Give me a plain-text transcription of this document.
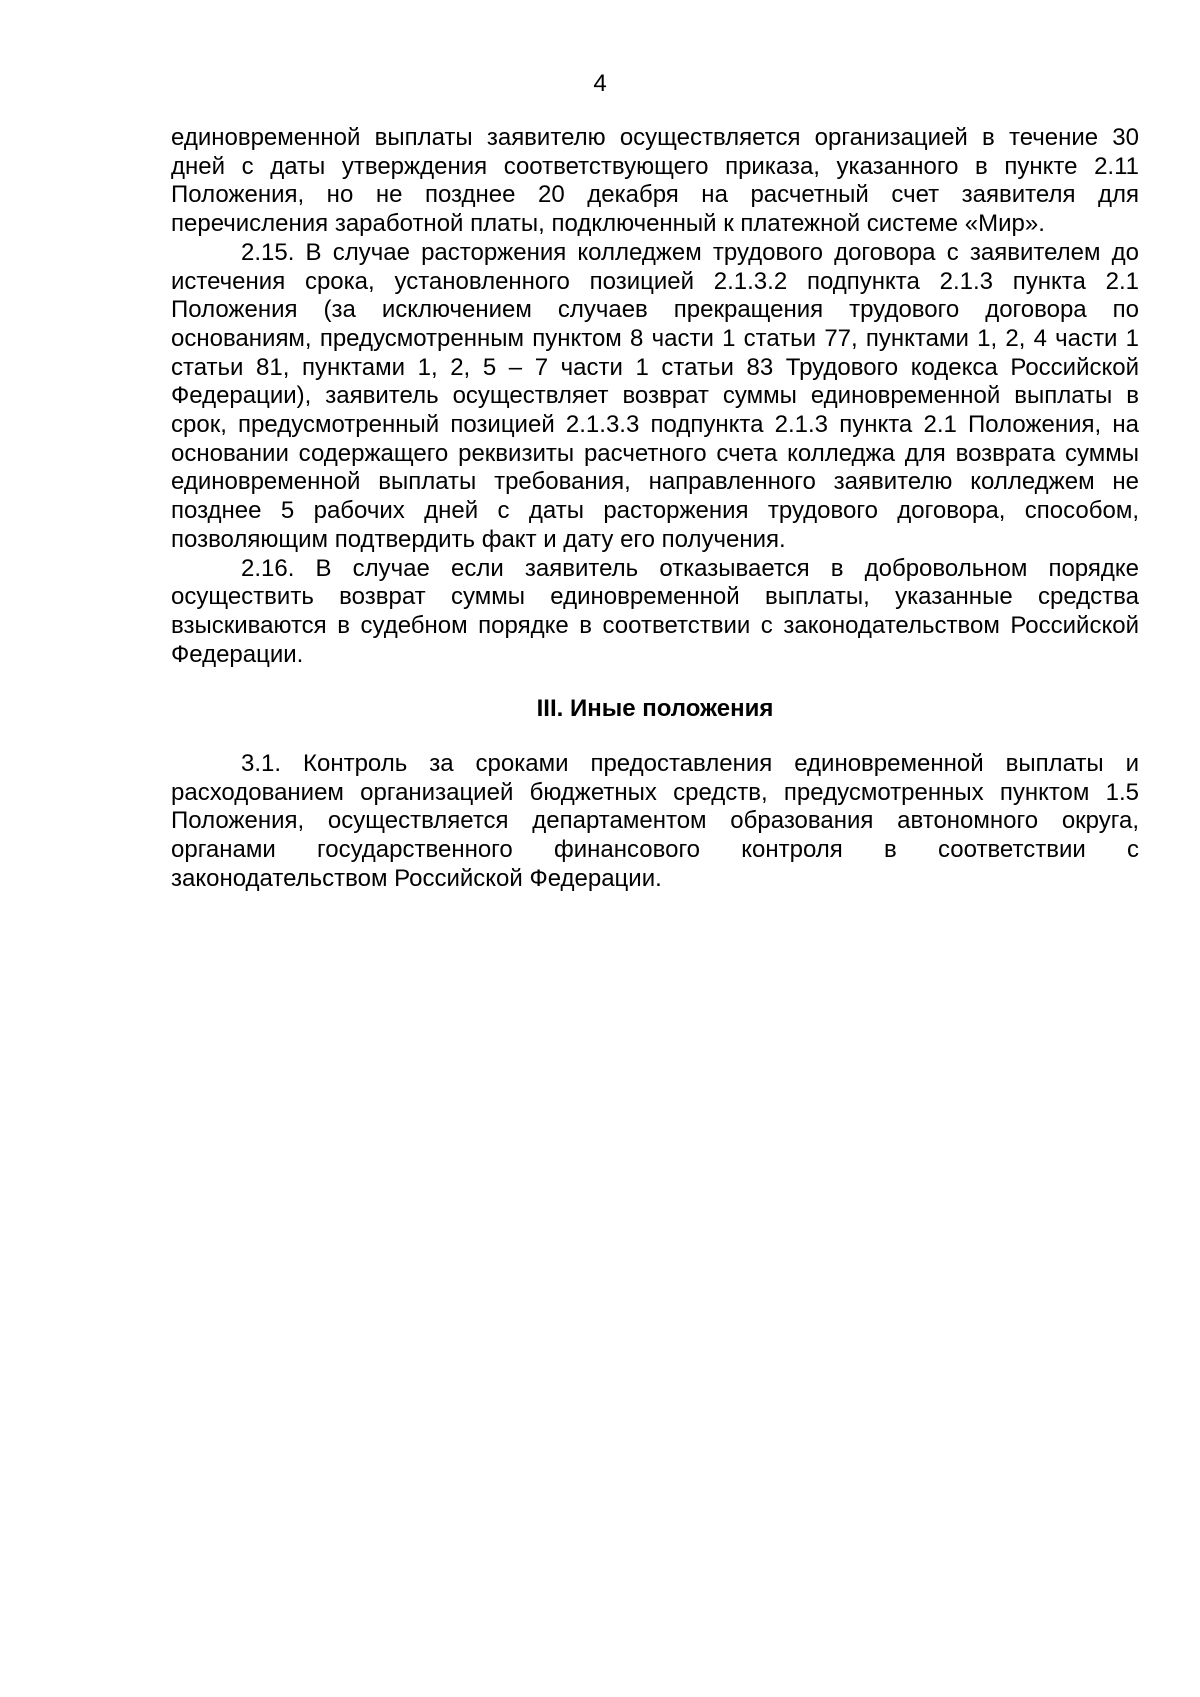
4

единовременной выплаты заявителю осуществляется организацией в течение 30 дней с даты утверждения соответствующего приказа, указанного в пункте 2.11 Положения, но не позднее 20 декабря на расчетный счет заявителя для перечисления заработной платы, подключенный к платежной системе «Мир».

2.15. В случае расторжения колледжем трудового договора с заявителем до истечения срока, установленного позицией 2.1.3.2 подпункта 2.1.3 пункта 2.1 Положения (за исключением случаев прекращения трудового договора по основаниям, предусмотренным пунктом 8 части 1 статьи 77, пунктами 1, 2, 4 части 1 статьи 81, пунктами 1, 2, 5 – 7 части 1 статьи 83 Трудового кодекса Российской Федерации), заявитель осуществляет возврат суммы единовременной выплаты в срок, предусмотренный позицией 2.1.3.3 подпункта 2.1.3 пункта 2.1 Положения, на основании содержащего реквизиты расчетного счета колледжа для возврата суммы единовременной выплаты требования, направленного заявителю колледжем не позднее 5 рабочих дней с даты расторжения трудового договора, способом, позволяющим подтвердить факт и дату его получения.

2.16. В случае если заявитель отказывается в добровольном порядке осуществить возврат суммы единовременной выплаты, указанные средства взыскиваются в судебном порядке в соответствии с законодательством Российской Федерации.

III. Иные положения

3.1. Контроль за сроками предоставления единовременной выплаты и расходованием организацией бюджетных средств, предусмотренных пунктом 1.5 Положения, осуществляется департаментом образования автономного округа, органами государственного финансового контроля в соответствии с законодательством Российской Федерации.
